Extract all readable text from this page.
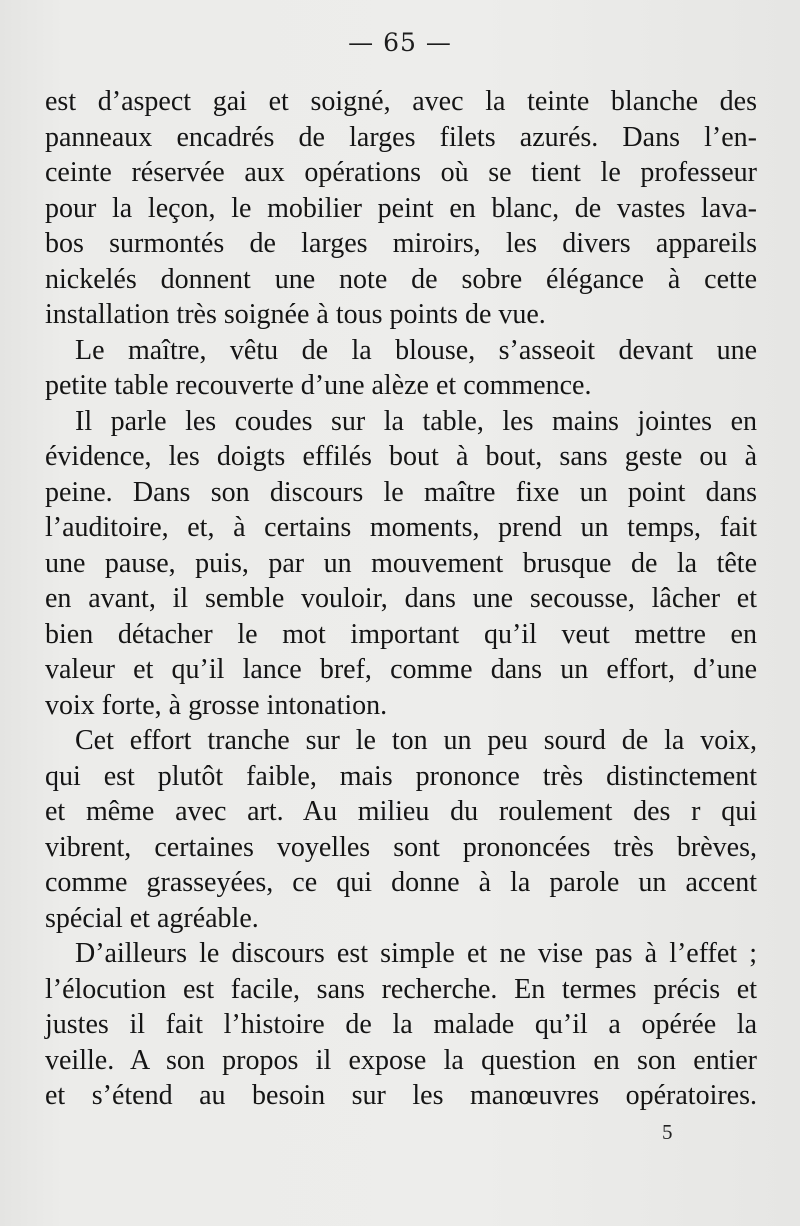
— 65 —
est d’aspect gai et soigné, avec la teinte blanche des
panneaux encadrés de larges filets azurés. Dans l’en-
ceinte réservée aux opérations où se tient le professeur
pour la leçon, le mobilier peint en blanc, de vastes lava-
bos surmontés de larges miroirs, les divers appareils
nickelés donnent une note de sobre élégance à cette
installation très soignée à tous points de vue.
Le maître, vêtu de la blouse, s’asseoit devant une
petite table recouverte d’une alèze et commence.
Il parle les coudes sur la table, les mains jointes en
évidence, les doigts effilés bout à bout, sans geste ou à
peine. Dans son discours le maître fixe un point dans
l’auditoire, et, à certains moments, prend un temps, fait
une pause, puis, par un mouvement brusque de la tête
en avant, il semble vouloir, dans une secousse, lâcher et
bien détacher le mot important qu’il veut mettre en
valeur et qu’il lance bref, comme dans un effort, d’une
voix forte, à grosse intonation.
Cet effort tranche sur le ton un peu sourd de la voix,
qui est plutôt faible, mais prononce très distinctement
et même avec art. Au milieu du roulement des r qui
vibrent, certaines voyelles sont prononcées très brèves,
comme grasseyées, ce qui donne à la parole un accent
spécial et agréable.
D’ailleurs le discours est simple et ne vise pas à l’effet ;
l’élocution est facile, sans recherche. En termes précis et
justes il fait l’histoire de la malade qu’il a opérée la
veille. A son propos il expose la question en son entier
et s’étend au besoin sur les manœuvres opératoires.
5
